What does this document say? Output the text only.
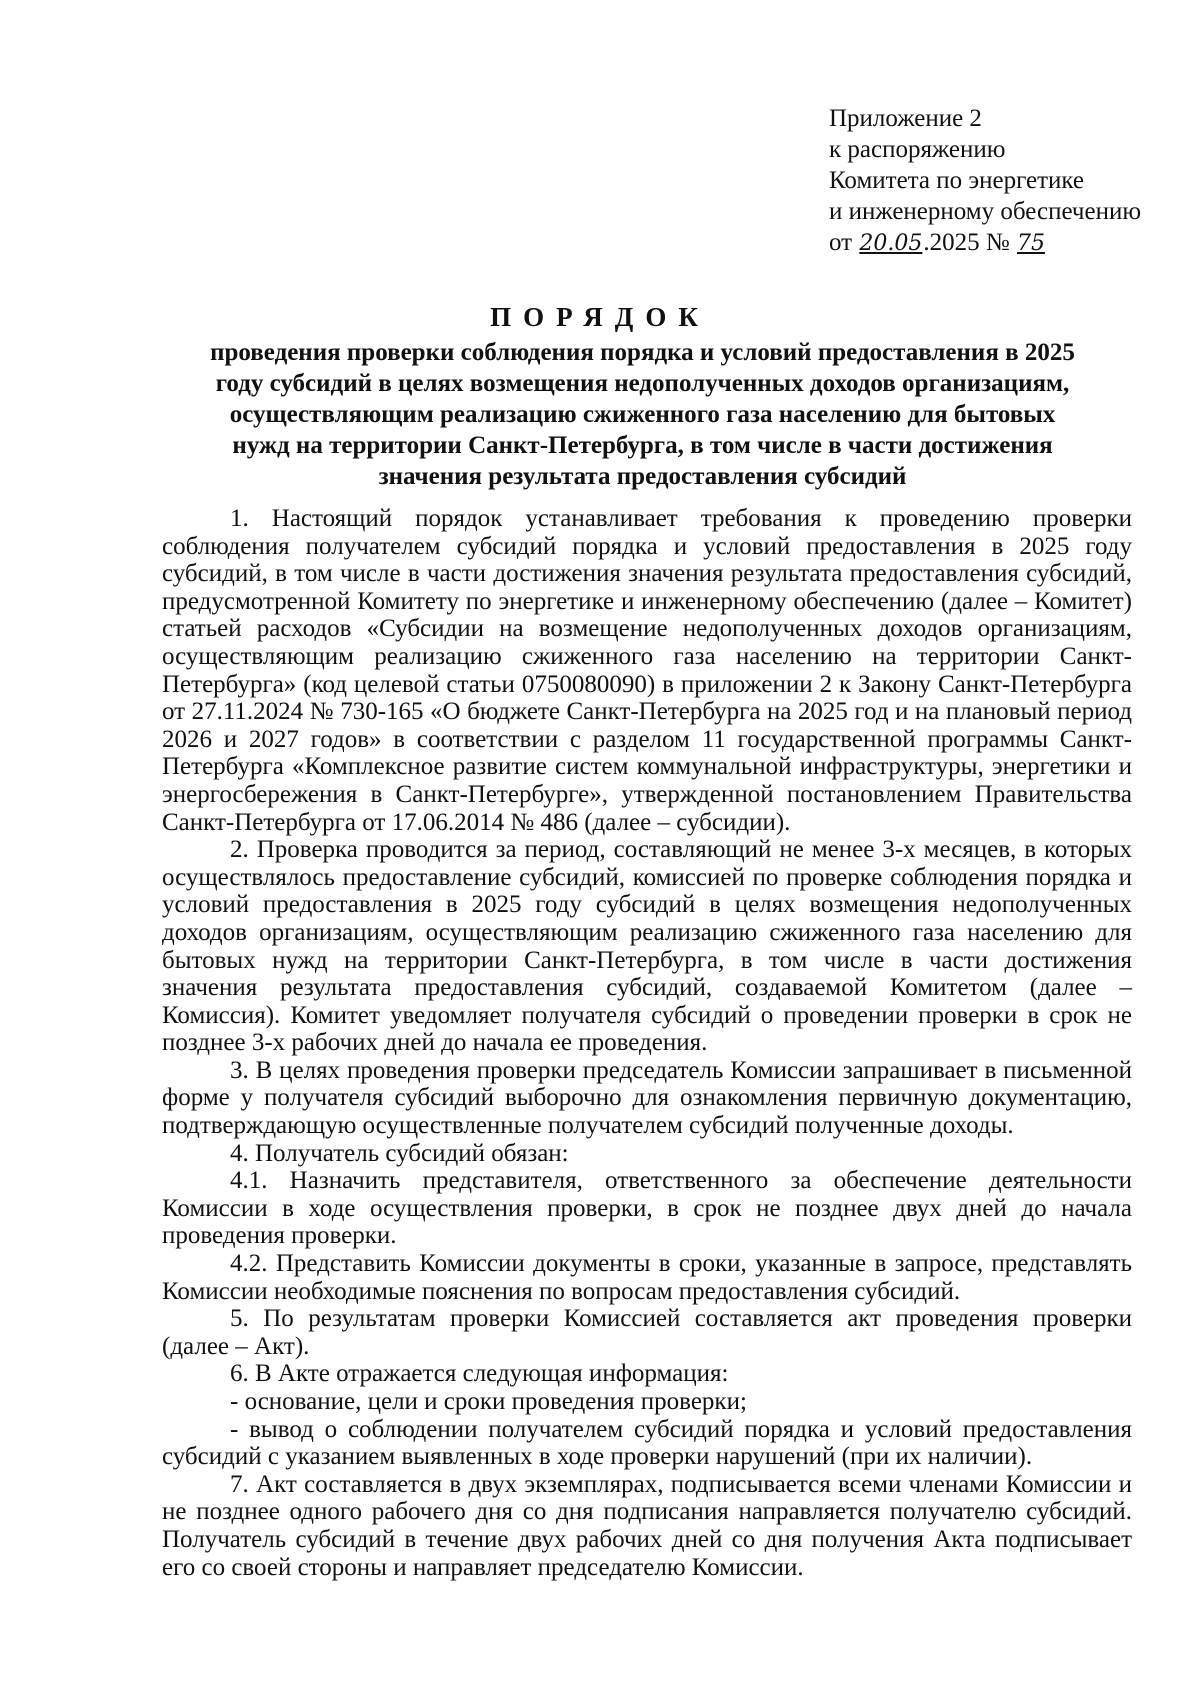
Приложение 2
к распоряжению
Комитета по энергетике
и инженерному обеспечению
от 20.05.2025 № 75
ПОРЯДОК
проведения проверки соблюдения порядка и условий предоставления в 2025 году субсидий в целях возмещения недополученных доходов организациям, осуществляющим реализацию сжиженного газа населению для бытовых нужд на территории Санкт-Петербурга, в том числе в части достижения значения результата предоставления субсидий

1. Настоящий порядок устанавливает требования к проведению проверки соблюдения получателем субсидий порядка и условий предоставления в 2025 году субсидий, в том числе в части достижения значения результата предоставления субсидий, предусмотренной Комитету по энергетике и инженерному обеспечению (далее – Комитет) статьей расходов «Субсидии на возмещение недополученных доходов организациям, осуществляющим реализацию сжиженного газа населению на территории Санкт-Петербурга» (код целевой статьи 0750080090) в приложении 2 к Закону Санкт-Петербурга от 27.11.2024 № 730-165 «О бюджете Санкт-Петербурга на 2025 год и на плановый период 2026 и 2027 годов» в соответствии с разделом 11 государственной программы Санкт-Петербурга «Комплексное развитие систем коммунальной инфраструктуры, энергетики и энергосбережения в Санкт-Петербурге», утвержденной постановлением Правительства Санкт-Петербурга от 17.06.2014 № 486 (далее – субсидии).

2. Проверка проводится за период, составляющий не менее 3-х месяцев, в которых осуществлялось предоставление субсидий, комиссией по проверке соблюдения порядка и условий предоставления в 2025 году субсидий в целях возмещения недополученных доходов организациям, осуществляющим реализацию сжиженного газа населению для бытовых нужд на территории Санкт-Петербурга, в том числе в части достижения значения результата предоставления субсидий, создаваемой Комитетом (далее – Комиссия). Комитет уведомляет получателя субсидий о проведении проверки в срок не позднее 3-х рабочих дней до начала ее проведения.

3. В целях проведения проверки председатель Комиссии запрашивает в письменной форме у получателя субсидий выборочно для ознакомления первичную документацию, подтверждающую осуществленные получателем субсидий полученные доходы.

4. Получатель субсидий обязан:

4.1. Назначить представителя, ответственного за обеспечение деятельности Комиссии в ходе осуществления проверки, в срок не позднее двух дней до начала проведения проверки.

4.2. Представить Комиссии документы в сроки, указанные в запросе, представлять Комиссии необходимые пояснения по вопросам предоставления субсидий.

5. По результатам проверки Комиссией составляется акт проведения проверки (далее – Акт).

6. В Акте отражается следующая информация:

- основание, цели и сроки проведения проверки;

- вывод о соблюдении получателем субсидий порядка и условий предоставления субсидий с указанием выявленных в ходе проверки нарушений (при их наличии).

7. Акт составляется в двух экземплярах, подписывается всеми членами Комиссии и не позднее одного рабочего дня со дня подписания направляется получателю субсидий. Получатель субсидий в течение двух рабочих дней со дня получения Акта подписывает его со своей стороны и направляет председателю Комиссии.
